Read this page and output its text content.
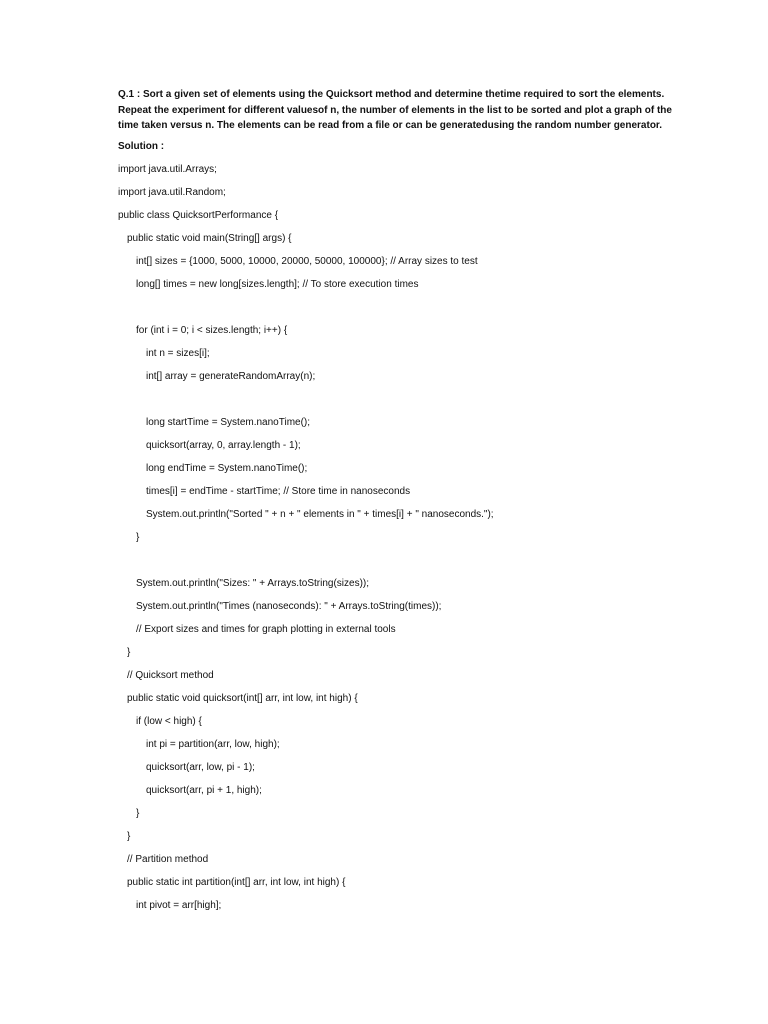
Q.1 : Sort a given set of elements using the Quicksort method and determine thetime required to sort the elements.
Repeat the experiment for different valuesof n, the number of elements in the list to be sorted and plot a graph of the
time taken versus n. The elements can be read from a file or can be generatedusing the random number generator.
Solution :
import java.util.Arrays;
import java.util.Random;
public class QuicksortPerformance {
public static void main(String[] args) {
int[] sizes = {1000, 5000, 10000, 20000, 50000, 100000}; // Array sizes to test
long[] times = new long[sizes.length]; // To store execution times
for (int i = 0; i < sizes.length; i++) {
int n = sizes[i];
int[] array = generateRandomArray(n);
long startTime = System.nanoTime();
quicksort(array, 0, array.length - 1);
long endTime = System.nanoTime();
times[i] = endTime - startTime; // Store time in nanoseconds
System.out.println("Sorted " + n + " elements in " + times[i] + " nanoseconds.");
}
System.out.println("Sizes: " + Arrays.toString(sizes));
System.out.println("Times (nanoseconds): " + Arrays.toString(times));
// Export sizes and times for graph plotting in external tools
}
// Quicksort method
public static void quicksort(int[] arr, int low, int high) {
if (low < high) {
int pi = partition(arr, low, high);
quicksort(arr, low, pi - 1);
quicksort(arr, pi + 1, high);
}
}
// Partition method
public static int partition(int[] arr, int low, int high) {
int pivot = arr[high];
